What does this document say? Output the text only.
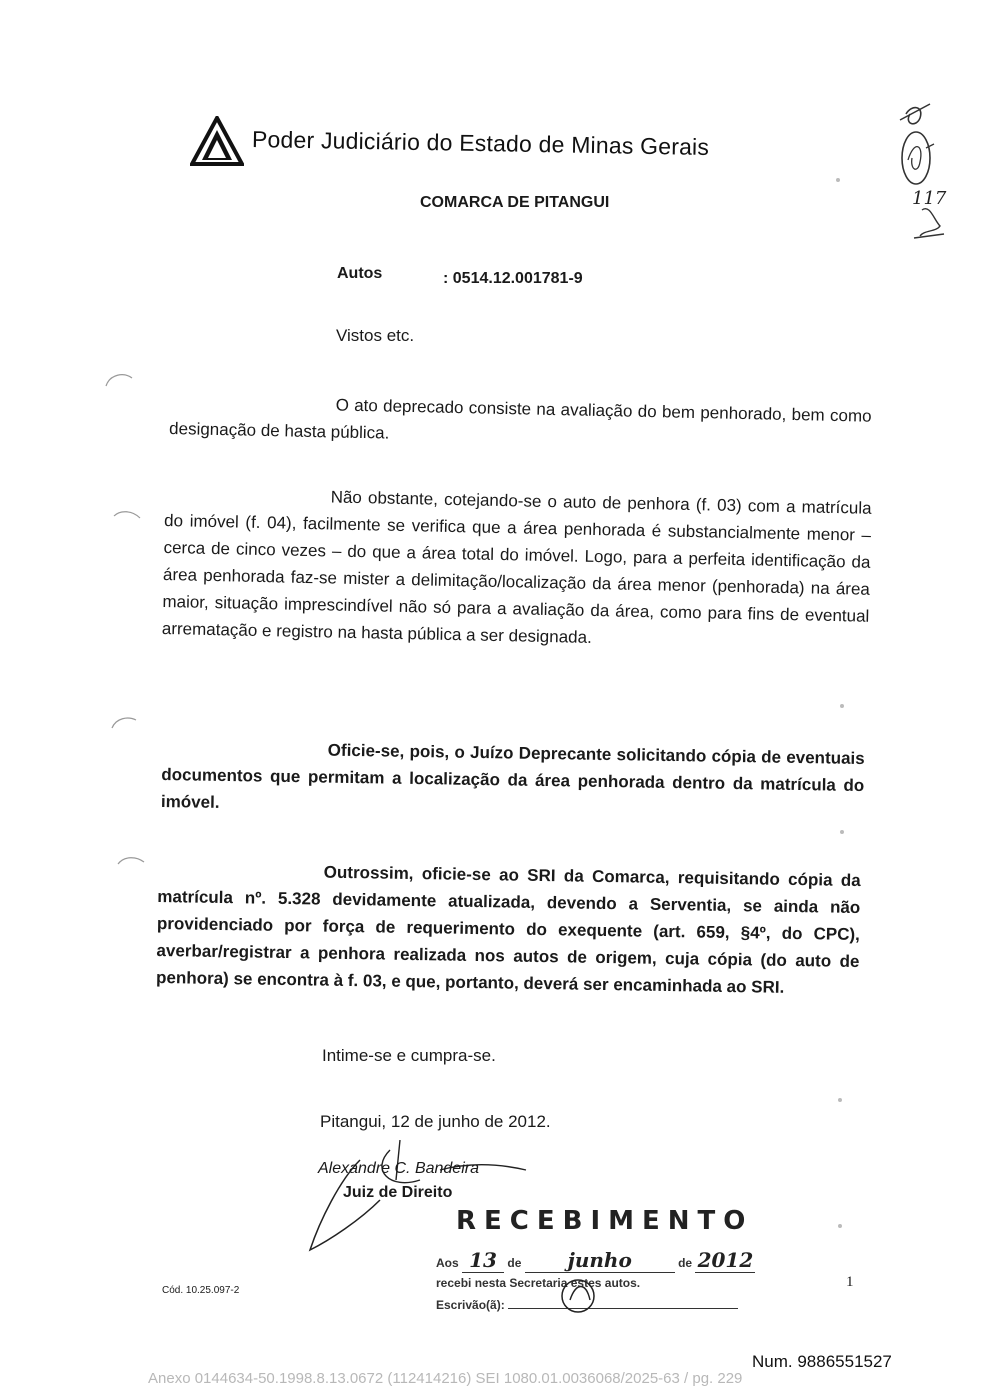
Poder Judiciário do Estado de Minas Gerais
COMARCA DE PITANGUI	117
Autos	: 0514.12.001781-9
Vistos etc.
O ato deprecado consiste na avaliação do bem penhorado, bem como designação de hasta pública.
Não obstante, cotejando-se o auto de penhora (f. 03) com a matrícula do imóvel (f. 04), facilmente se verifica que a área penhorada é substancialmente menor – cerca de cinco vezes – do que a área total do imóvel. Logo, para a perfeita identificação da área penhorada faz-se mister a delimitação/localização da área menor (penhorada) na área maior, situação imprescindível não só para a avaliação da área, como para fins de eventual arrematação e registro na hasta pública a ser designada.
Oficie-se, pois, o Juízo Deprecante solicitando cópia de eventuais documentos que permitam a localização da área penhorada dentro da matrícula do imóvel.
Outrossim, oficie-se ao SRI da Comarca, requisitando cópia da matrícula nº. 5.328 devidamente atualizada, devendo a Serventia, se ainda não providenciado por força de requerimento do exequente (art. 659, §4º, do CPC), averbar/registrar a penhora realizada nos autos de origem, cuja cópia (do auto de penhora) se encontra à f. 03, e que, portanto, deverá ser encaminhada ao SRI.
Intime-se e cumpra-se.
Pitangui, 12 de junho de 2012.
Alexandre C. Bandeira
Juiz de Direito
RECEBIMENTO
Aos 13 de junho	de 2012
recebi nesta Secretaria estes autos.
Escrivão(ã):
Cód. 10.25.097-2
1
Num. 9886551527
Anexo 0144634-50.1998.8.13.0672 (112414216) SEI 1080.01.0036068/2025-63 / pg. 229
